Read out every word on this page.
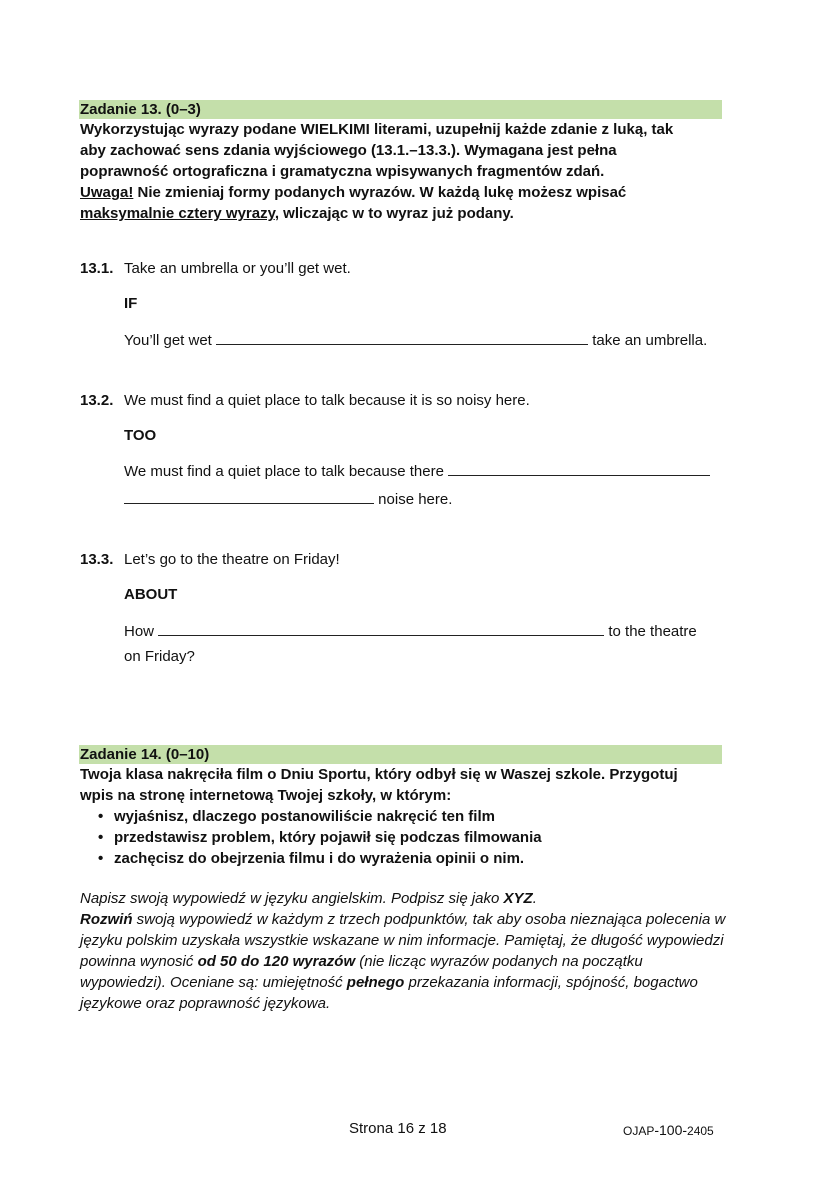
Zadanie 13. (0–3)
Wykorzystując wyrazy podane WIELKIMI literami, uzupełnij każde zdanie z luką, tak
aby zachować sens zdania wyjściowego (13.1.–13.3.). Wymagana jest pełna
poprawność ortograficzna i gramatyczna wpisywanych fragmentów zdań.
Uwaga! Nie zmieniaj formy podanych wyrazów. W każdą lukę możesz wpisać
maksymalnie cztery wyrazy, wliczając w to wyraz już podany.
13.1. Take an umbrella or you’ll get wet.
IF
You’ll get wet	take an umbrella.
13.2. We must find a quiet place to talk because it is so noisy here.
TOO
We must find a quiet place to talk because there
noise here.
13.3. Let’s go to the theatre on Friday!
ABOUT
How	to the theatre
on Friday?
Zadanie 14. (0–10)
Twoja klasa nakręciła film o Dniu Sportu, który odbył się w Waszej szkole. Przygotuj
wpis na stronę internetową Twojej szkoły, w którym:
• wyjaśnisz, dlaczego postanowiliście nakręcić ten film
• przedstawisz problem, który pojawił się podczas filmowania
• zachęcisz do obejrzenia filmu i do wyrażenia opinii o nim.
Napisz swoją wypowiedź w języku angielskim. Podpisz się jako XYZ.
Rozwiń swoją wypowiedź w każdym z trzech podpunktów, tak aby osoba nieznająca polecenia w języku polskim uzyskała wszystkie wskazane w nim informacje. Pamiętaj, że długość wypowiedzi powinna wynosić od 50 do 120 wyrazów (nie licząc wyrazów podanych na początku wypowiedzi). Oceniane są: umiejętność pełnego przekazania informacji, spójność, bogactwo językowe oraz poprawność językowa.
Strona 16 z 18	OJAP-100-2405
